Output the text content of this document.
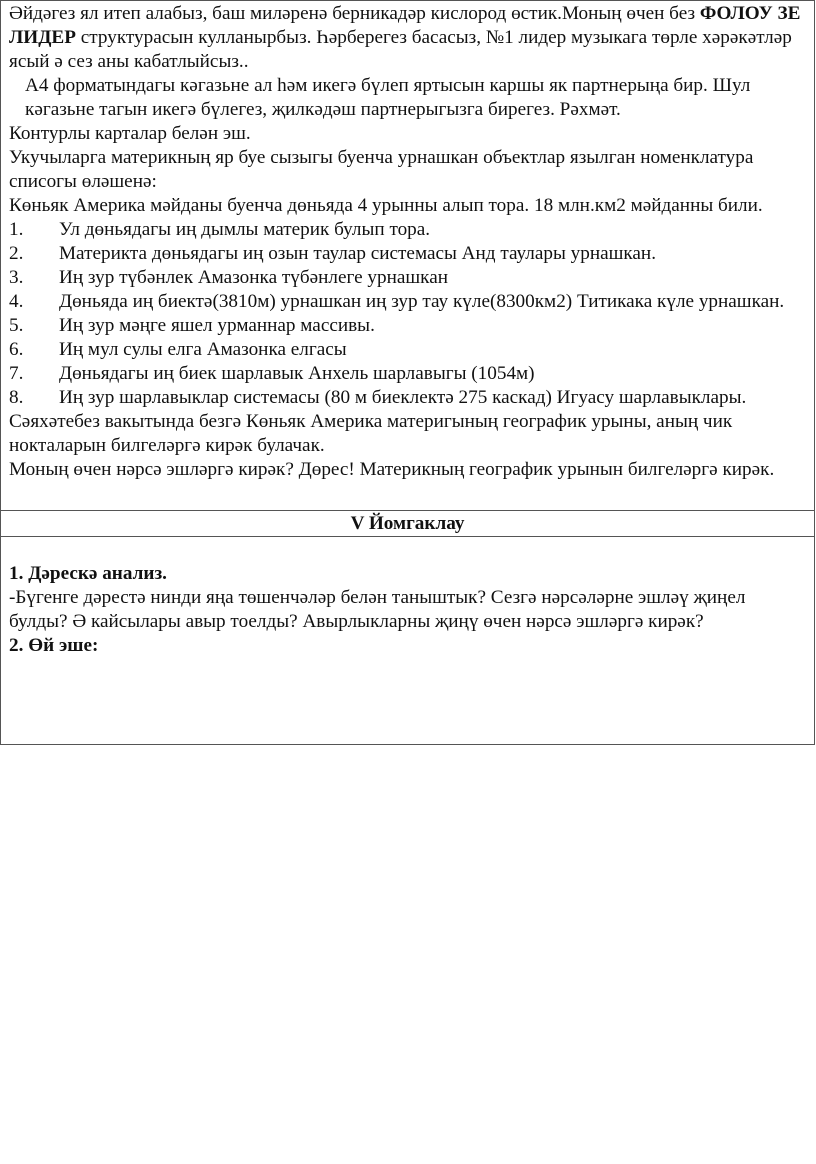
Әйдәгез ял итеп алабыз, баш миләренә берникадәр кислород өстик.Моның өчен без ФОЛОУ ЗЕ ЛИДЕР структурасын кулланырбыз. Һәрберегез басасыз, №1 лидер музыкага төрле хәрәкәтләр ясый ә сез аны кабатлыйсыз..

А4 форматындагы кәгазьне ал һәм икегә бүлеп яртысын каршы як партнерыңа бир. Шул кәгазьне тагын икегә бүлегез, җилкәдәш партнерыгызга бирегез. Рәхмәт.

Контурлы карталар белән эш.

Укучыларга материкның яр буе сызыгы буенча урнашкан объектлар язылган номенклатура списогы өләшенә:

Көньяк Америка мәйданы буенча дөньяда 4 урынны алып тора. 18 млн.км2 мәйданны били.

1.	Ул дөньядагы иң дымлы материк булып тора.
2.	Материкта дөньядагы иң озын таулар системасы Анд таулары урнашкан.
3.	Иң зур түбәнлек Амазонка түбәнлеге урнашкан
4. Дөньяда иң биектә(3810м) урнашкан иң зур тау күле(8300км2) Титикака күле урнашкан.
5.	Иң зур мәңге яшел урманнар массивы.
6.	Иң мул сулы елга Амазонка елгасы
7.	Дөньядагы иң биек шарлавык Анхель шарлавыгы (1054м)
8.	Иң зур шарлавыклар системасы (80 м биеклектә 275 каскад) Игуасу шарлавыклары.

Сәяхәтебез вакытында безгә Көньяк Америка материгының географик урыны, аның чик нокталарын билгеләргә кирәк булачак.

Моның өчен нәрсә эшләргә кирәк? Дөрес! Материкның географик урынын билгеләргә кирәк.

V Йомгаклау

1. Дәрескә анализ.

-Бүгенге дәрестә нинди яңа төшенчәләр белән таныштык? Сезгә нәрсәләрне эшләү җиңел булды? Ә кайсылары авыр тоелды? Авырлыкларны җиңү өчен нәрсә эшләргә кирәк?

2. Өй эше:
